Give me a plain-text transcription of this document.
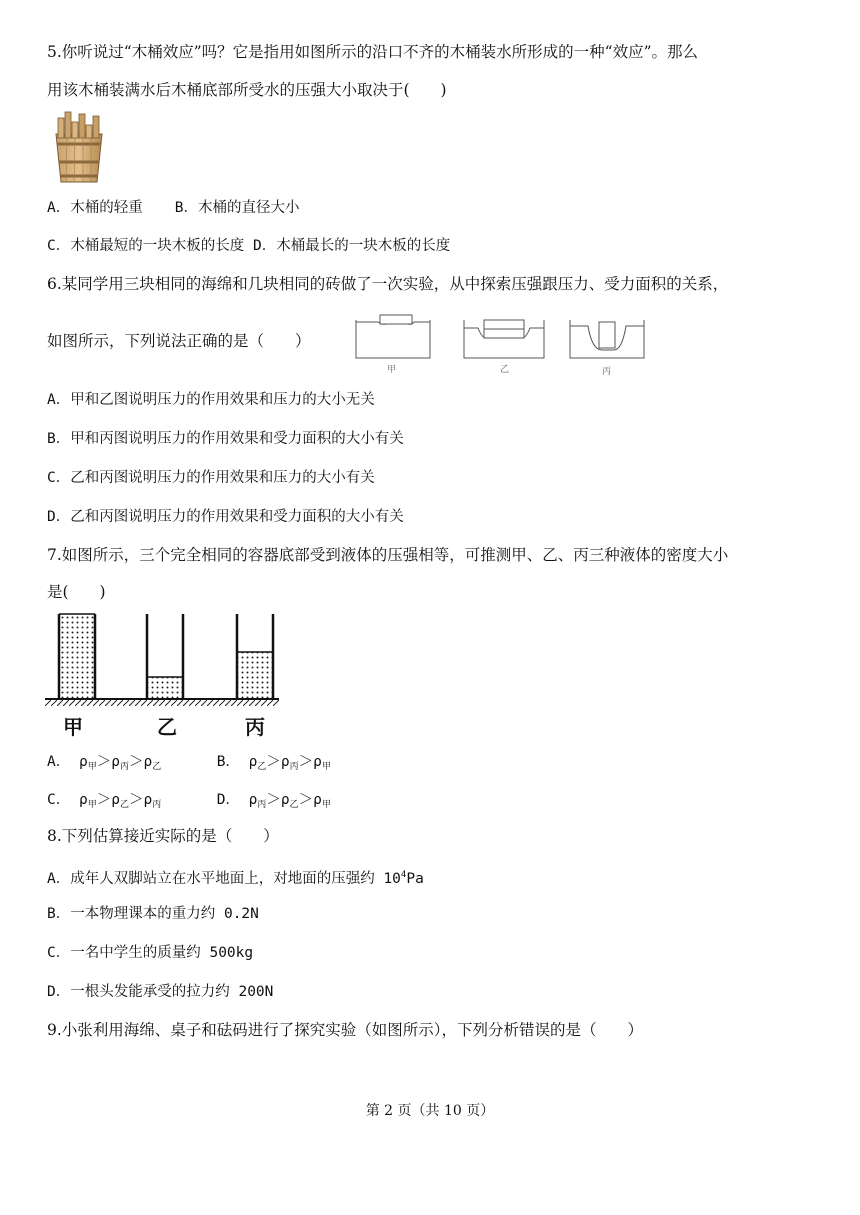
5.你听说过“木桶效应”吗？它是指用如图所示的沿口不齐的木桶装水所形成的一种“效应”。那么
用该木桶装满水后木桶底部所受水的压强大小取决于(　　)
A．木桶的轻重 B．木桶的直径大小
C．木桶最短的一块木板的长度 D．木桶最长的一块木板的长度
6.某同学用三块相同的海绵和几块相同的砖做了一次实验，从中探索压强跟压力、受力面积的关系，
如图所示，下列说法正确的是（　　）
甲	乙	丙
A．甲和乙图说明压力的作用效果和压力的大小无关
B．甲和丙图说明压力的作用效果和受力面积的大小有关
C．乙和丙图说明压力的作用效果和压力的大小有关
D．乙和丙图说明压力的作用效果和受力面积的大小有关
7.如图所示，三个完全相同的容器底部受到液体的压强相等，可推测甲、乙、丙三种液体的密度大小
是(　　)
甲	乙	丙
A． $\rho_甲>\rho_丙>\rho_乙$	B． $\rho_乙>\rho_丙>\rho_甲$
C． $\rho_甲>\rho_乙>\rho_丙$	D． $\rho_丙>\rho_乙>\rho_甲$
8.下列估算接近实际的是（　　）
A．成年人双脚站立在水平地面上，对地面的压强约 $10^4Pa$
B．一本物理课本的重力约 0.2N
C．一名中学生的质量约 500kg
D．一根头发能承受的拉力约 200N
9.小张利用海绵、桌子和砝码进行了探究实验（如图所示），下列分析错误的是（　　）
第 2 页（共 10 页）
